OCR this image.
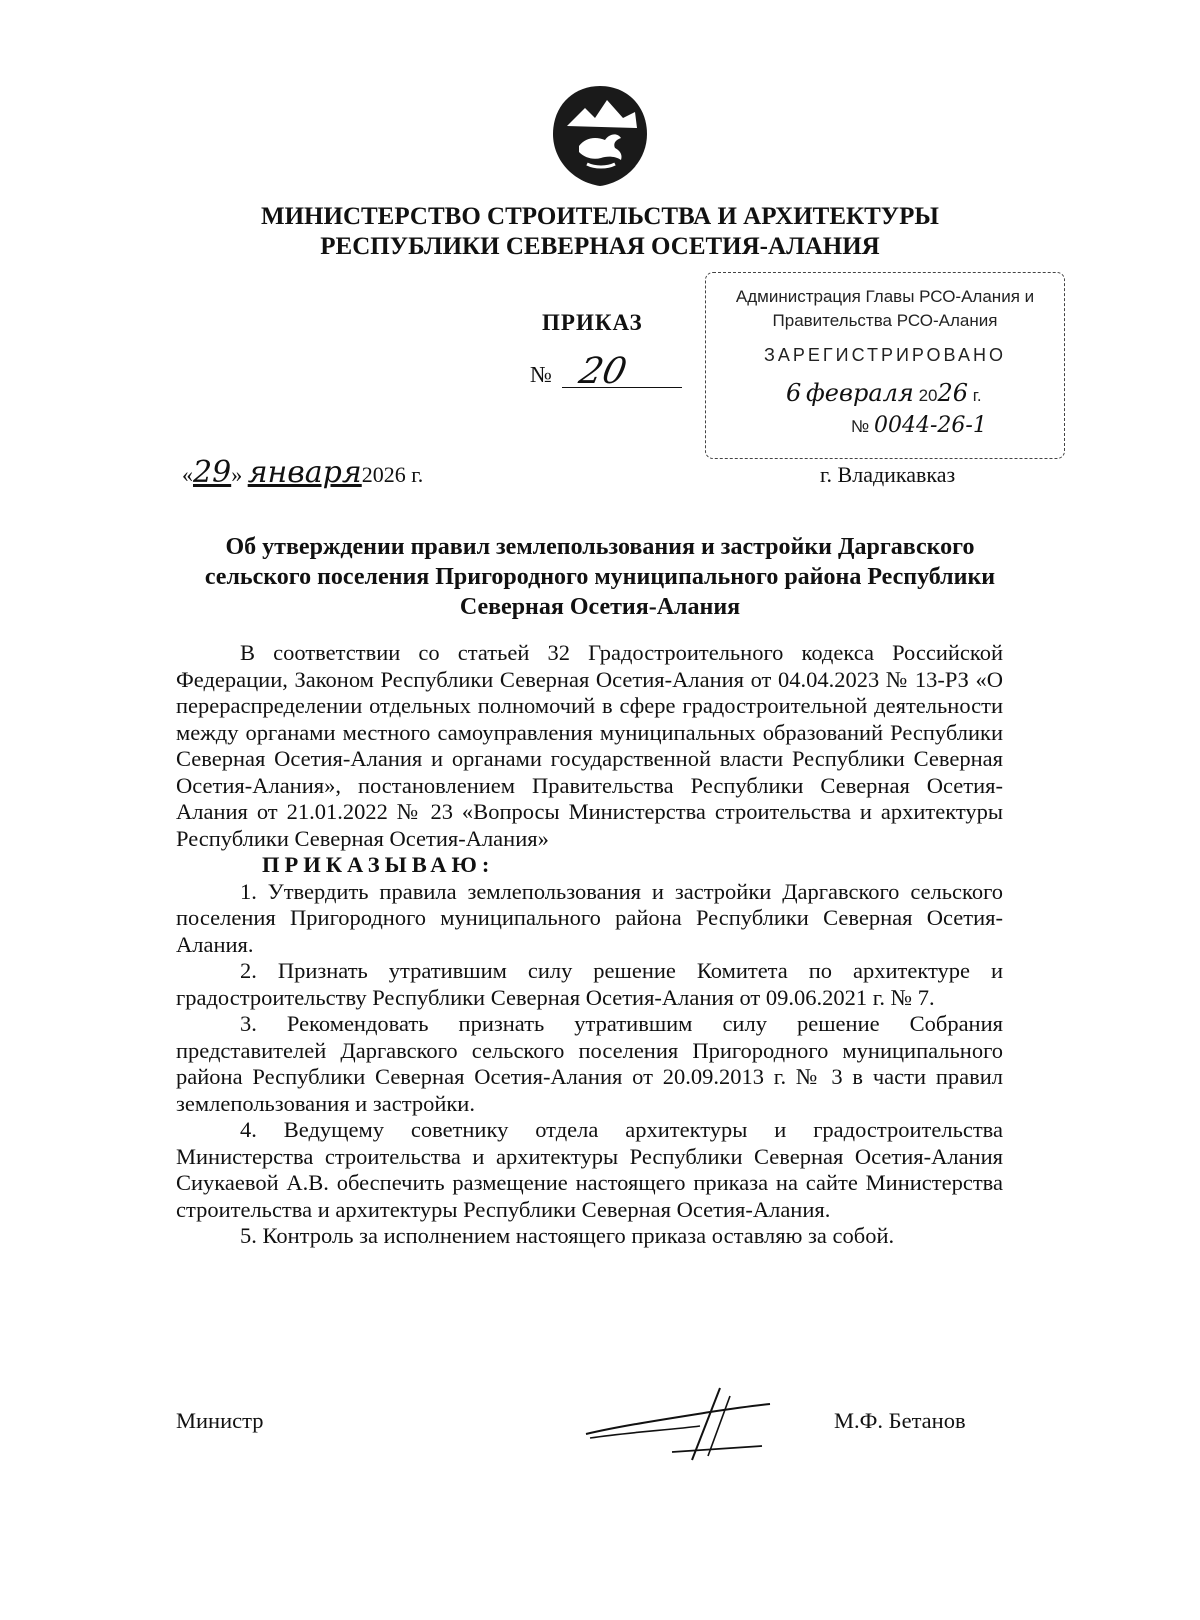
МИНИСТЕРСТВО СТРОИТЕЛЬСТВА И АРХИТЕКТУРЫ
РЕСПУБЛИКИ СЕВЕРНАЯ ОСЕТИЯ-АЛАНИЯ
ПРИКАЗ
№ 20
Администрация Главы РСО-Алания и
Правительства РСО-Алания
ЗАРЕГИСТРИРОВАНО
6 февраля 2026 г.
№ 0044-26-1
«29» января2026 г.	г. Владикавказ
Об утверждении правил землепользования и застройки Даргавского
сельского поселения Пригородного муниципального района Республики
Северная Осетия-Алания

В соответствии со статьей 32 Градостроительного кодекса Российской Федерации, Законом Республики Северная Осетия-Алания от 04.04.2023 № 13-РЗ «О перераспределении отдельных полномочий в сфере градостроительной деятельности между органами местного самоуправления муниципальных образований Республики Северная Осетия-Алания и органами государственной власти Республики Северная Осетия-Алания», постановлением Правительства Республики Северная Осетия-Алания от 21.01.2022 № 23 «Вопросы Министерства строительства и архитектуры Республики Северная Осетия-Алания»

ПРИКАЗЫВАЮ:

1. Утвердить правила землепользования и застройки Даргавского сельского поселения Пригородного муниципального района Республики Северная Осетия-Алания.

2. Признать утратившим силу решение Комитета по архитектуре и градостроительству Республики Северная Осетия-Алания от 09.06.2021 г. № 7.

3. Рекомендовать признать утратившим силу решение Собрания представителей Даргавского сельского поселения Пригородного муниципального района Республики Северная Осетия-Алания от 20.09.2013 г. № 3 в части правил землепользования и застройки.

4. Ведущему советнику отдела архитектуры и градостроительства Министерства строительства и архитектуры Республики Северная Осетия-Алания Сиукаевой А.В. обеспечить размещение настоящего приказа на сайте Министерства строительства и архитектуры Республики Северная Осетия-Алания.

5. Контроль за исполнением настоящего приказа оставляю за собой.

Министр	М.Ф. Бетанов
